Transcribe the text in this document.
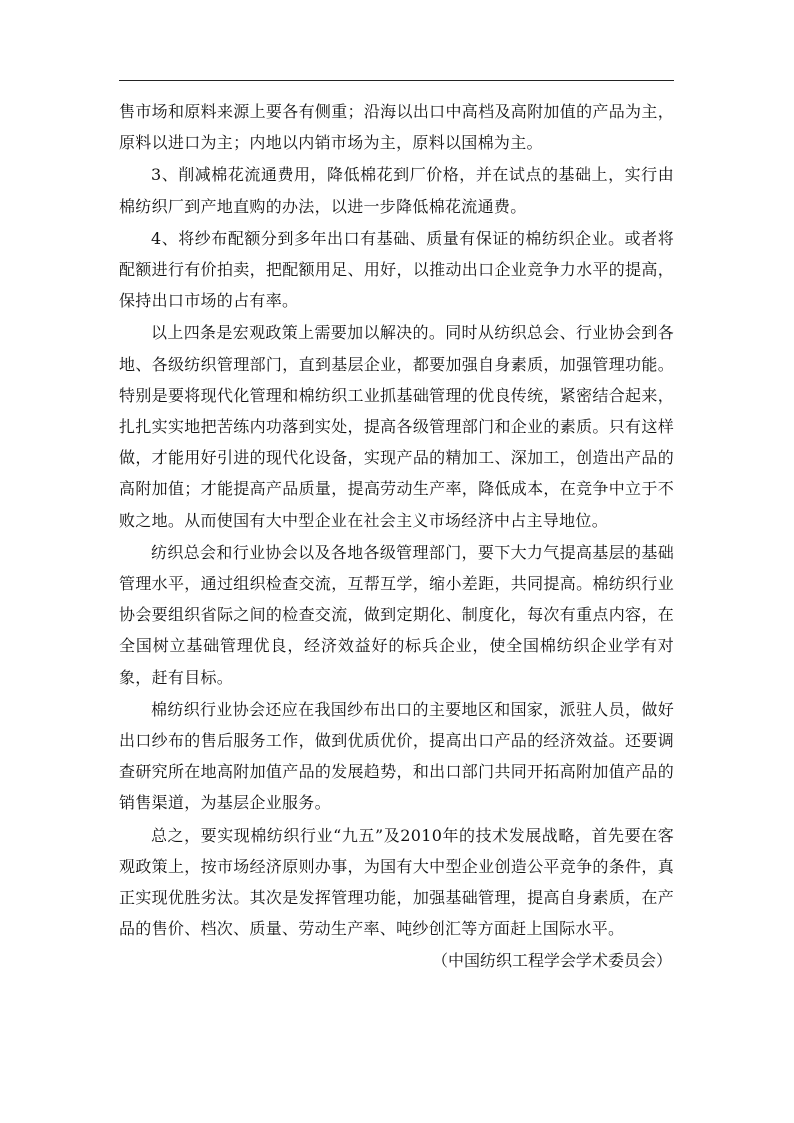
售市场和原料来源上要各有侧重；沿海以出口中高档及高附加值的产品为主，原料以进口为主；内地以内销市场为主，原料以国棉为主。

3、削减棉花流通费用，降低棉花到厂价格，并在试点的基础上，实行由棉纺织厂到产地直购的办法，以进一步降低棉花流通费。

4、将纱布配额分到多年出口有基础、质量有保证的棉纺织企业。或者将配额进行有价拍卖，把配额用足、用好，以推动出口企业竞争力水平的提高，保持出口市场的占有率。

以上四条是宏观政策上需要加以解决的。同时从纺织总会、行业协会到各地、各级纺织管理部门，直到基层企业，都要加强自身素质，加强管理功能。特别是要将现代化管理和棉纺织工业抓基础管理的优良传统，紧密结合起来，扎扎实实地把苦练内功落到实处，提高各级管理部门和企业的素质。只有这样做，才能用好引进的现代化设备，实现产品的精加工、深加工，创造出产品的高附加值；才能提高产品质量，提高劳动生产率，降低成本，在竞争中立于不败之地。从而使国有大中型企业在社会主义市场经济中占主导地位。

纺织总会和行业协会以及各地各级管理部门，要下大力气提高基层的基础管理水平，通过组织检查交流，互帮互学，缩小差距，共同提高。棉纺织行业协会要组织省际之间的检查交流，做到定期化、制度化，每次有重点内容，在全国树立基础管理优良，经济效益好的标兵企业，使全国棉纺织企业学有对象，赶有目标。

棉纺织行业协会还应在我国纱布出口的主要地区和国家，派驻人员，做好出口纱布的售后服务工作，做到优质优价，提高出口产品的经济效益。还要调查研究所在地高附加值产品的发展趋势，和出口部门共同开拓高附加值产品的销售渠道，为基层企业服务。

总之，要实现棉纺织行业“九五”及2010年的技术发展战略，首先要在客观政策上，按市场经济原则办事，为国有大中型企业创造公平竞争的条件，真正实现优胜劣汰。其次是发挥管理功能，加强基础管理，提高自身素质，在产品的售价、档次、质量、劳动生产率、吨纱创汇等方面赶上国际水平。

（中国纺织工程学会学术委员会）
